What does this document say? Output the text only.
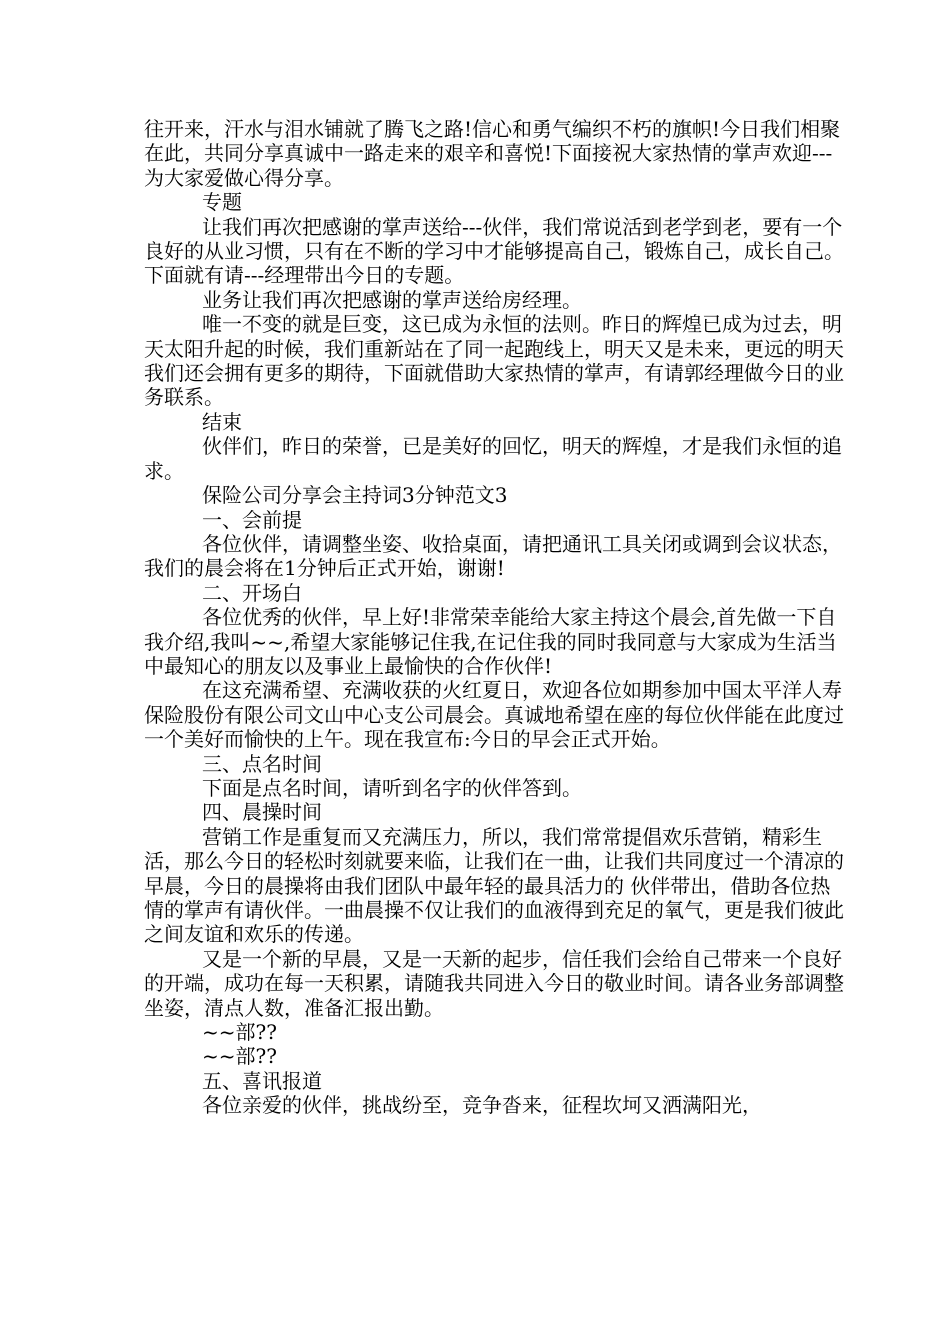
往开来，汗水与泪水铺就了腾飞之路!信心和勇气编织不朽的旗帜!今日我们相聚在此，共同分享真诚中一路走来的艰辛和喜悦!下面接祝大家热情的掌声欢迎---为大家爱做心得分享。

专题

让我们再次把感谢的掌声送给---伙伴，我们常说活到老学到老，要有一个良好的从业习惯，只有在不断的学习中才能够提高自己，锻炼自己，成长自己。下面就有请---经理带出今日的专题。

业务让我们再次把感谢的掌声送给房经理。

唯一不变的就是巨变，这已成为永恒的法则。昨日的辉煌已成为过去，明天太阳升起的时候，我们重新站在了同一起跑线上，明天又是未来，更远的明天我们还会拥有更多的期待，下面就借助大家热情的掌声，有请郭经理做今日的业务联系。

结束

伙伴们，昨日的荣誉，已是美好的回忆，明天的辉煌，才是我们永恒的追求。

保险公司分享会主持词3分钟范文3

一、会前提

各位伙伴，请调整坐姿、收拾桌面，请把通讯工具关闭或调到会议状态，我们的晨会将在1分钟后正式开始，谢谢!

二、开场白

各位优秀的伙伴，早上好!非常荣幸能给大家主持这个晨会,首先做一下自我介绍,我叫~~,希望大家能够记住我,在记住我的同时我同意与大家成为生活当中最知心的朋友以及事业上最愉快的合作伙伴!

在这充满希望、充满收获的火红夏日，欢迎各位如期参加中国太平洋人寿保险股份有限公司文山中心支公司晨会。真诚地希望在座的每位伙伴能在此度过一个美好而愉快的上午。现在我宣布:今日的早会正式开始。

三、点名时间

下面是点名时间，请听到名字的伙伴答到。

四、晨操时间

营销工作是重复而又充满压力，所以，我们常常提倡欢乐营销，精彩生活，那么今日的轻松时刻就要来临，让我们在一曲，让我们共同度过一个清凉的早晨，今日的晨操将由我们团队中最年轻的最具活力的 伙伴带出，借助各位热情的掌声有请伙伴。一曲晨操不仅让我们的血液得到充足的氧气，更是我们彼此之间友谊和欢乐的传递。

又是一个新的早晨，又是一天新的起步，信任我们会给自己带来一个良好的开端，成功在每一天积累，请随我共同进入今日的敬业时间。请各业务部调整坐姿，清点人数，准备汇报出勤。

~~部??

~~部??

五、喜讯报道

各位亲爱的伙伴，挑战纷至，竞争沓来，征程坎坷又洒满阳光，
